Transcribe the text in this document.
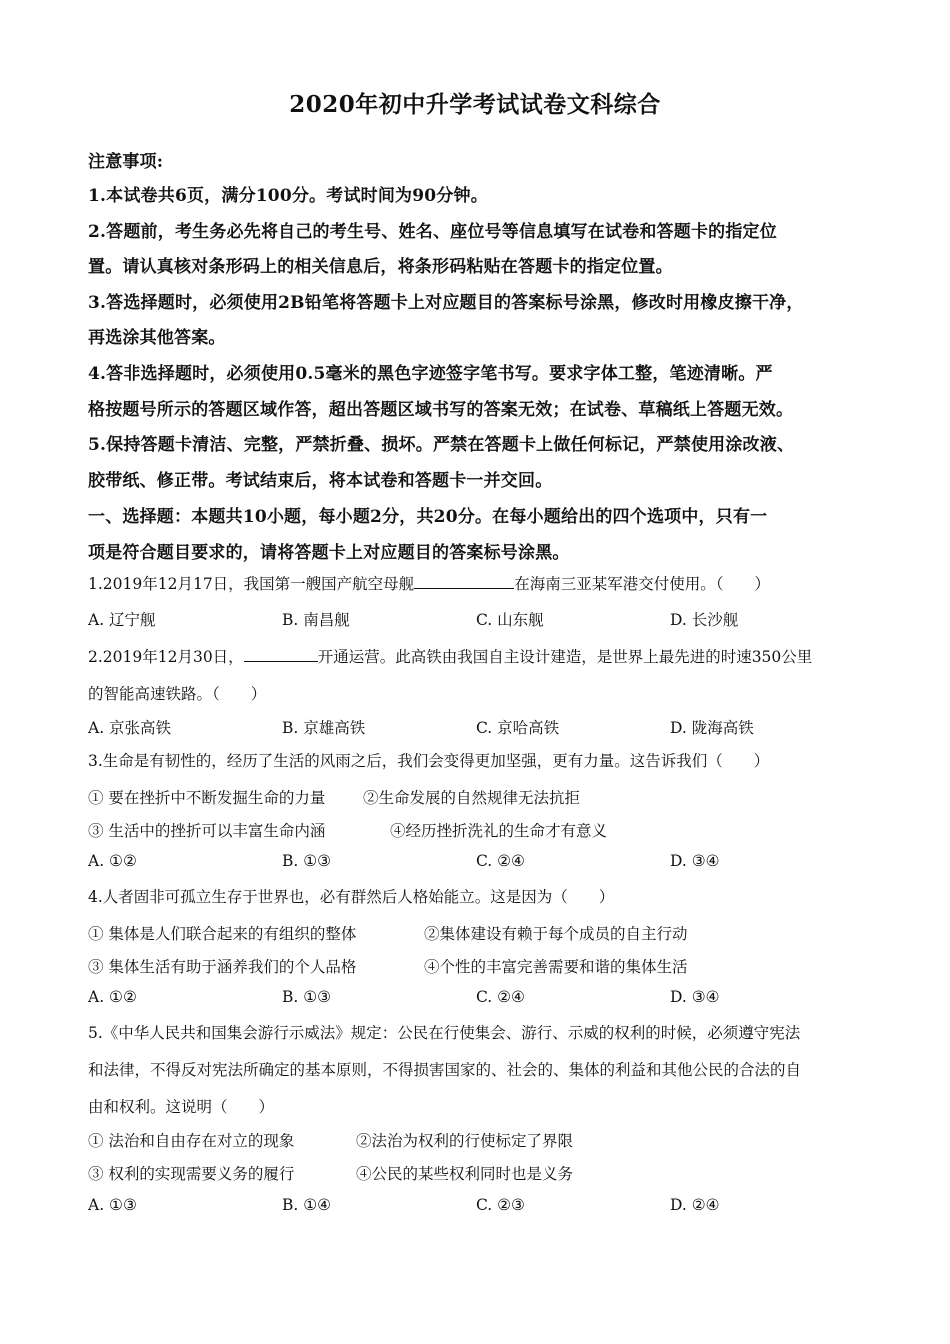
2020年初中升学考试试卷文科综合
注意事项:
1.本试卷共6页，满分100分。考试时间为90分钟。
2.答题前，考生务必先将自己的考生号、姓名、座位号等信息填写在试卷和答题卡的指定位
置。请认真核对条形码上的相关信息后，将条形码粘贴在答题卡的指定位置。
3.答选择题时，必须使用2B铅笔将答题卡上对应题目的答案标号涂黑，修改时用橡皮擦干净，
再选涂其他答案。
4.答非选择题时，必须使用0.5毫米的黑色字迹签字笔书写。要求字体工整，笔迹清晰。严
格按题号所示的答题区域作答，超出答题区域书写的答案无效；在试卷、草稿纸上答题无效。
5.保持答题卡清洁、完整，严禁折叠、损坏。严禁在答题卡上做任何标记，严禁使用涂改液、
胶带纸、修正带。考试结束后，将本试卷和答题卡一并交回。
一、选择题：本题共10小题，每小题2分，共20分。在每小题给出的四个选项中，只有一
项是符合题目要求的，请将答题卡上对应题目的答案标号涂黑。
1.2019年12月17日，我国第一艘国产航空母舰	在海南三亚某军港交付使用。（　　）
A. 辽宁舰	B. 南昌舰	C. 山东舰	D. 长沙舰
2.2019年12月30日，	开通运营。此高铁由我国自主设计建造，是世界上最先进的时速350公里
的智能高速铁路。（　　）
A. 京张高铁	B. 京雄高铁	C. 京哈高铁	D. 陇海高铁
3.生命是有韧性的，经历了生活的风雨之后，我们会变得更加坚强，更有力量。这告诉我们（　　）
① 要在挫折中不断发掘生命的力量 ②生命发展的自然规律无法抗拒
③ 生活中的挫折可以丰富生命内涵	④经历挫折洗礼的生命才有意义
A. ①②	B. ①③	C. ②④	D. ③④
4.人者固非可孤立生存于世界也，必有群然后人格始能立。这是因为（　　）
① 集体是人们联合起来的有组织的整体	②集体建设有赖于每个成员的自主行动
③ 集体生活有助于涵养我们的个人品格	④个性的丰富完善需要和谐的集体生活
A. ①②	B. ①③	C. ②④	D. ③④
5.《中华人民共和国集会游行示威法》规定：公民在行使集会、游行、示威的权利的时候，必须遵守宪法
和法律，不得反对宪法所确定的基本原则，不得损害国家的、社会的、集体的利益和其他公民的合法的自
由和权利。这说明（　　）
① 法治和自由存在对立的现象	②法治为权利的行使标定了界限
③ 权利的实现需要义务的履行	④公民的某些权利同时也是义务
A. ①③	B. ①④	C. ②③	D. ②④
